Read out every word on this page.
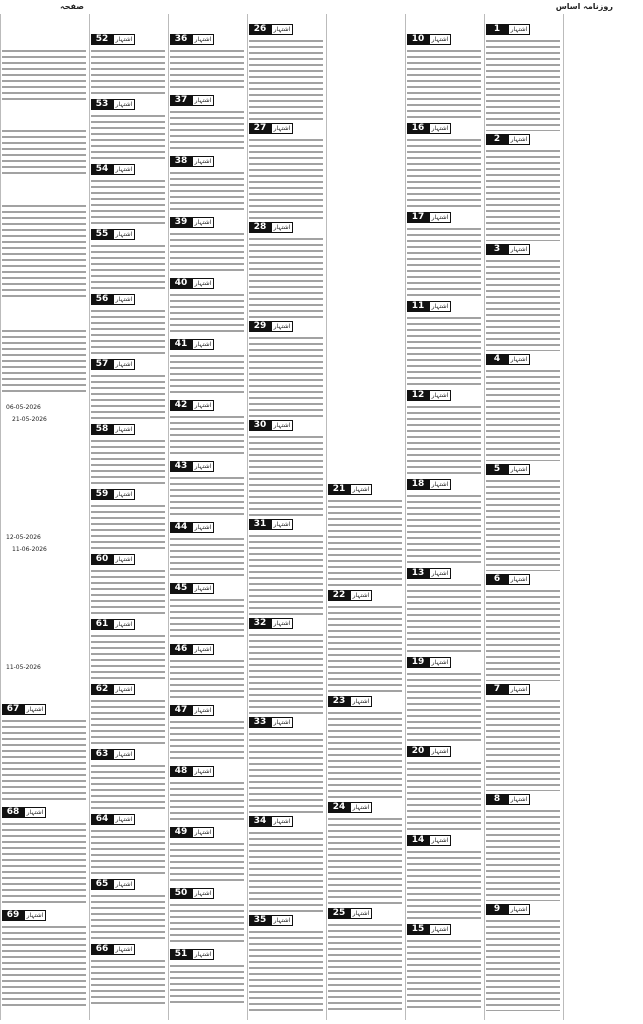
صفحہ	روزنامہ اساس
06-05-2026
21-05-2026
12-05-2026
11-06-2026
11-05-2026
67	اشتہار
68	اشتہار
69	اشتہار
52	اشتہار
53	اشتہار
54	اشتہار
55	اشتہار
56	اشتہار
57	اشتہار
58	اشتہار
59	اشتہار
60	اشتہار
61	اشتہار
62	اشتہار
63	اشتہار
64	اشتہار
65	اشتہار
66	اشتہار
36	اشتہار
37	اشتہار
38	اشتہار
39	اشتہار
40	اشتہار
41	اشتہار
42	اشتہار
43	اشتہار
44	اشتہار
45	اشتہار
46	اشتہار
47	اشتہار
48	اشتہار
49	اشتہار
50	اشتہار
51	اشتہار
26	اشتہار
27	اشتہار
28	اشتہار
29	اشتہار
30	اشتہار
31	اشتہار
32	اشتہار
33	اشتہار
34	اشتہار
35	اشتہار
21	اشتہار
22	اشتہار
23	اشتہار
24	اشتہار
25	اشتہار
10	اشتہار
16	اشتہار
17	اشتہار
11	اشتہار
12	اشتہار
18	اشتہار
13	اشتہار
19	اشتہار
20	اشتہار
14	اشتہار
15	اشتہار
1	اشتہار
2	اشتہار
3	اشتہار
4	اشتہار
5	اشتہار
6	اشتہار
7	اشتہار
8	اشتہار
9	اشتہار
